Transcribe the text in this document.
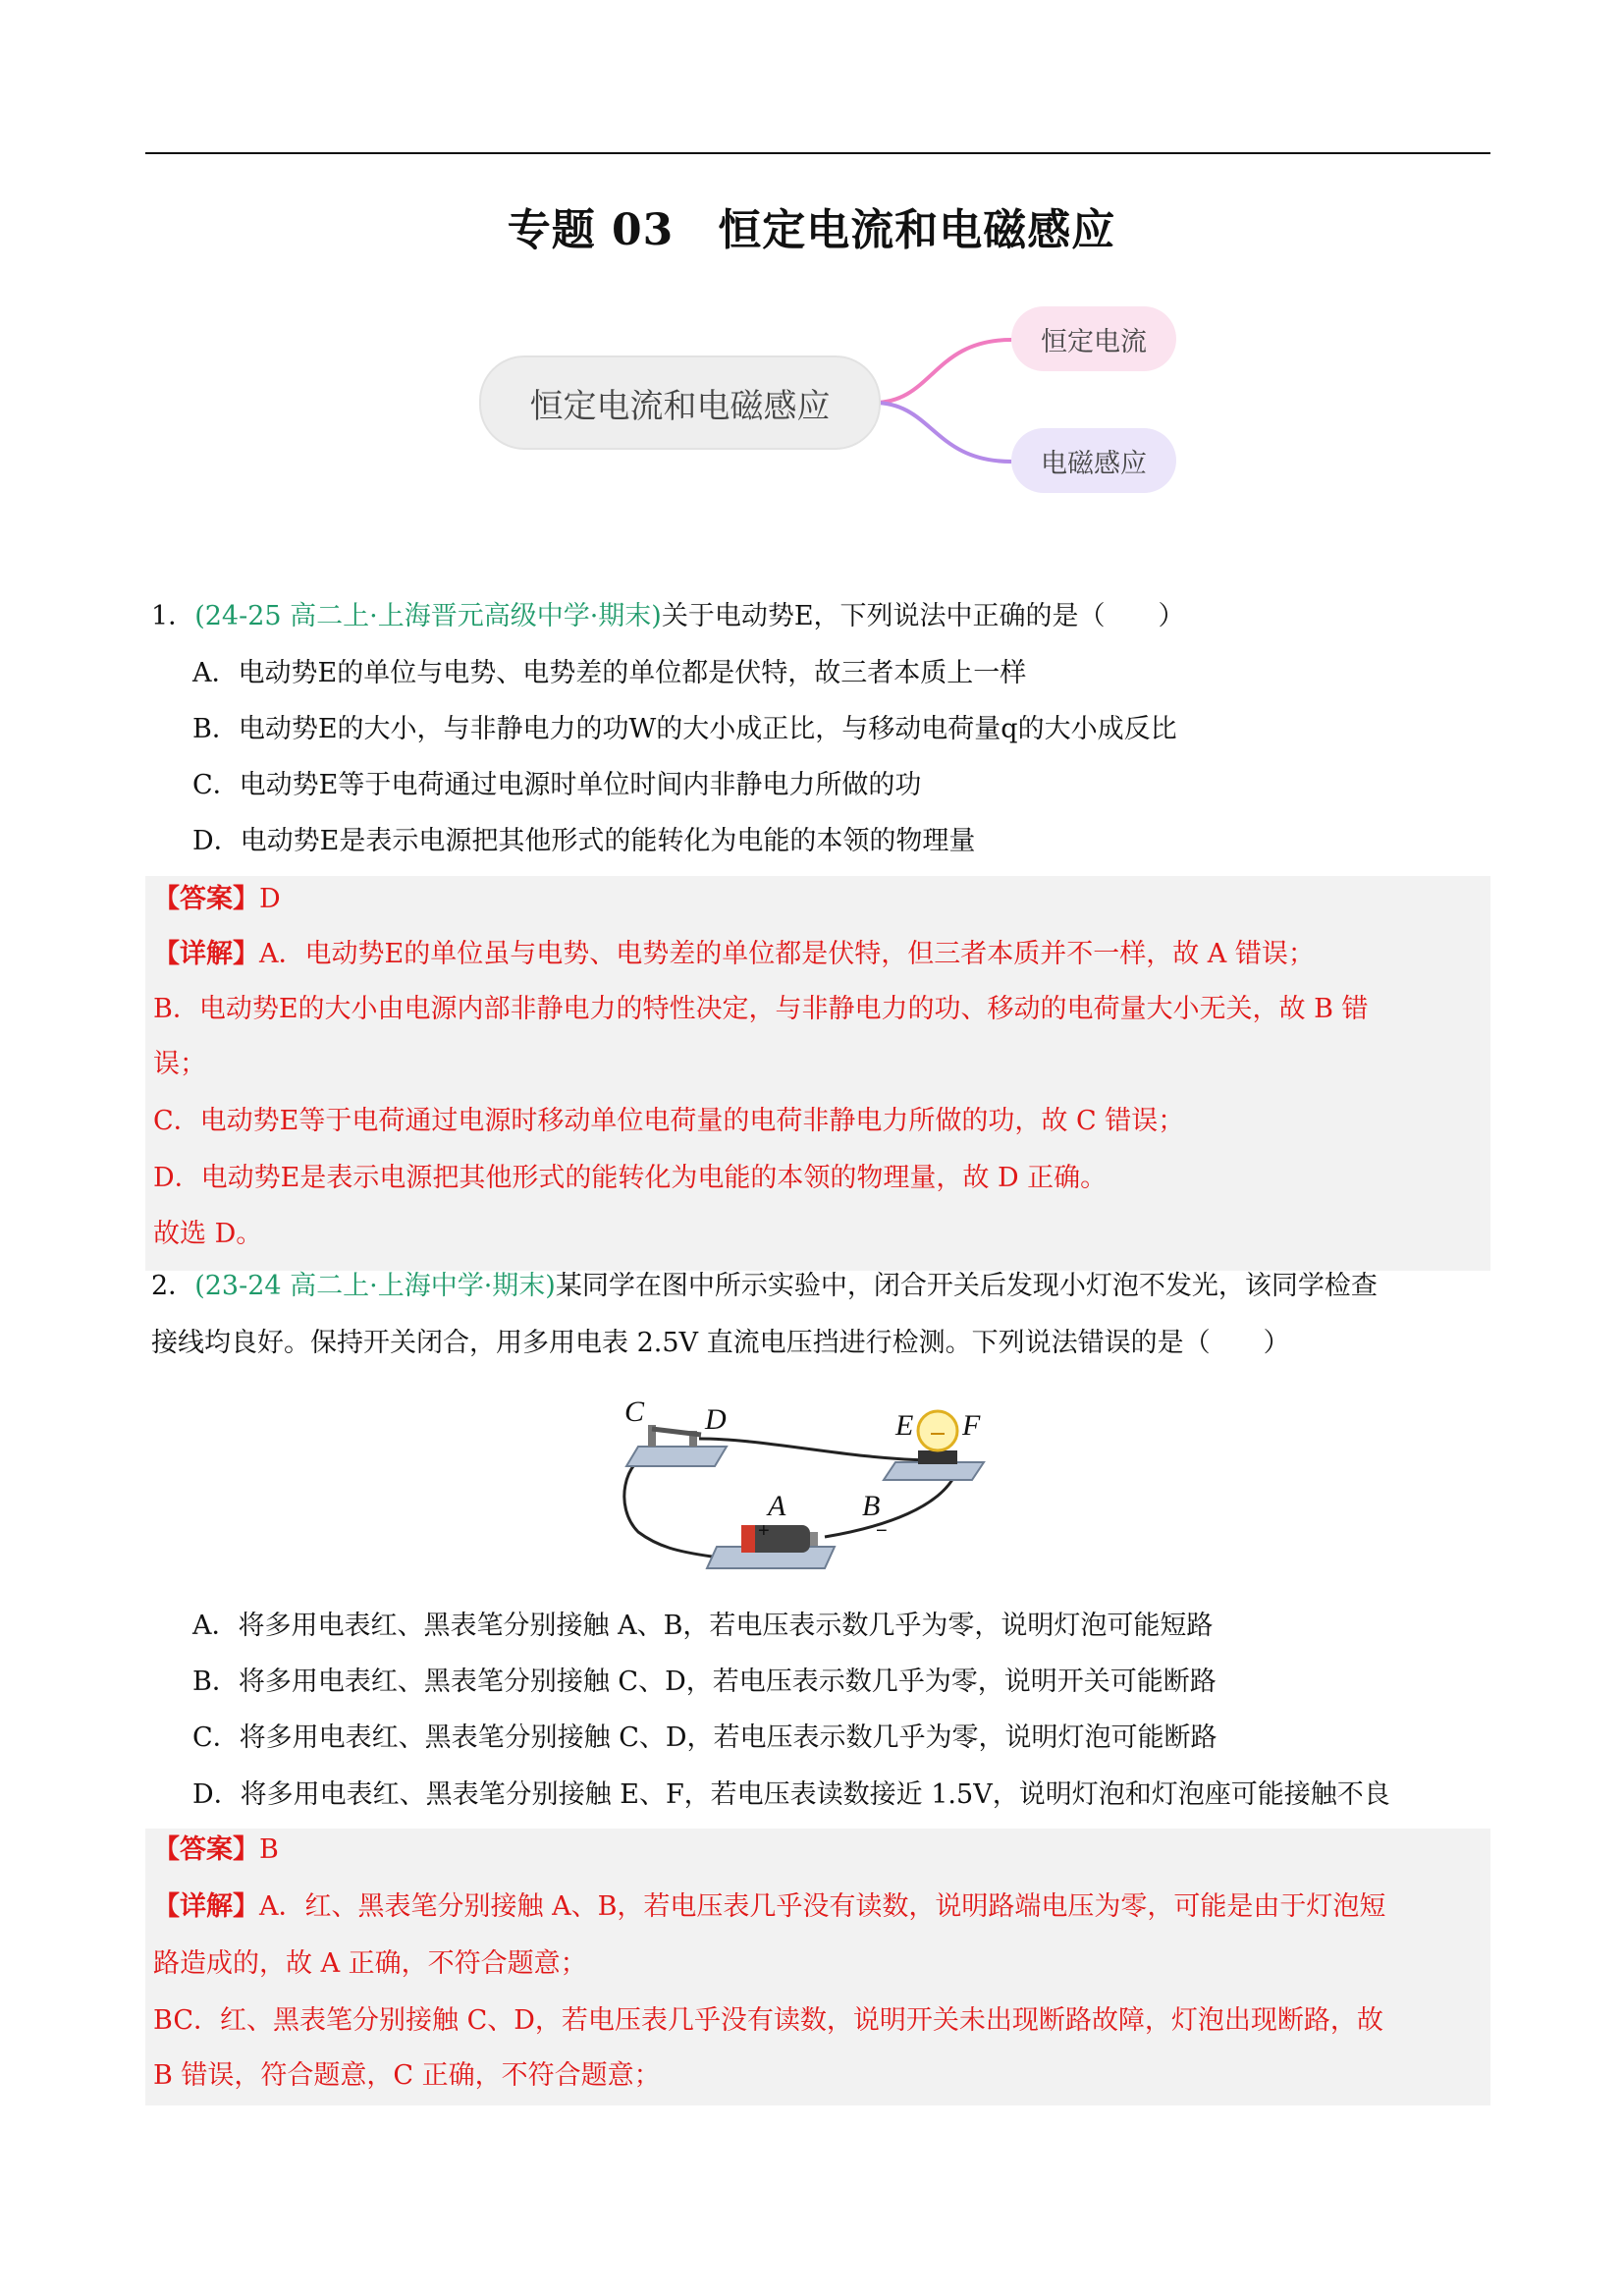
专题 03　恒定电流和电磁感应
恒定电流和电磁感应
恒定电流
电磁感应
1．(24-25 高二上·上海晋元高级中学·期末)关于电动势E，下列说法中正确的是（　　）
A．电动势E的单位与电势、电势差的单位都是伏特，故三者本质上一样
B．电动势E的大小，与非静电力的功W的大小成正比，与移动电荷量q的大小成反比
C．电动势E等于电荷通过电源时单位时间内非静电力所做的功
D．电动势E是表示电源把其他形式的能转化为电能的本领的物理量
【答案】D
【详解】A．电动势E的单位虽与电势、电势差的单位都是伏特，但三者本质并不一样，故 A 错误；
B．电动势E的大小由电源内部非静电力的特性决定，与非静电力的功、移动的电荷量大小无关，故 B 错
误；
C．电动势E等于电荷通过电源时移动单位电荷量的电荷非静电力所做的功，故 C 错误；
D．电动势E是表示电源把其他形式的能转化为电能的本领的物理量，故 D 正确。
故选 D。
2．(23-24 高二上·上海中学·期末)某同学在图中所示实验中，闭合开关后发现小灯泡不发光，该同学检查
接线均良好。保持开关闭合，用多用电表 2.5V 直流电压挡进行检测。下列说法错误的是（　　）
C D	E F
A	B
+	−
A．将多用电表红、黑表笔分别接触 A、B，若电压表示数几乎为零，说明灯泡可能短路
B．将多用电表红、黑表笔分别接触 C、D，若电压表示数几乎为零，说明开关可能断路
C．将多用电表红、黑表笔分别接触 C、D，若电压表示数几乎为零，说明灯泡可能断路
D．将多用电表红、黑表笔分别接触 E、F，若电压表读数接近 1.5V，说明灯泡和灯泡座可能接触不良
【答案】B
【详解】A．红、黑表笔分别接触 A、B，若电压表几乎没有读数，说明路端电压为零，可能是由于灯泡短
路造成的，故 A 正确，不符合题意；
BC．红、黑表笔分别接触 C、D，若电压表几乎没有读数，说明开关未出现断路故障，灯泡出现断路，故
B 错误，符合题意，C 正确，不符合题意；
